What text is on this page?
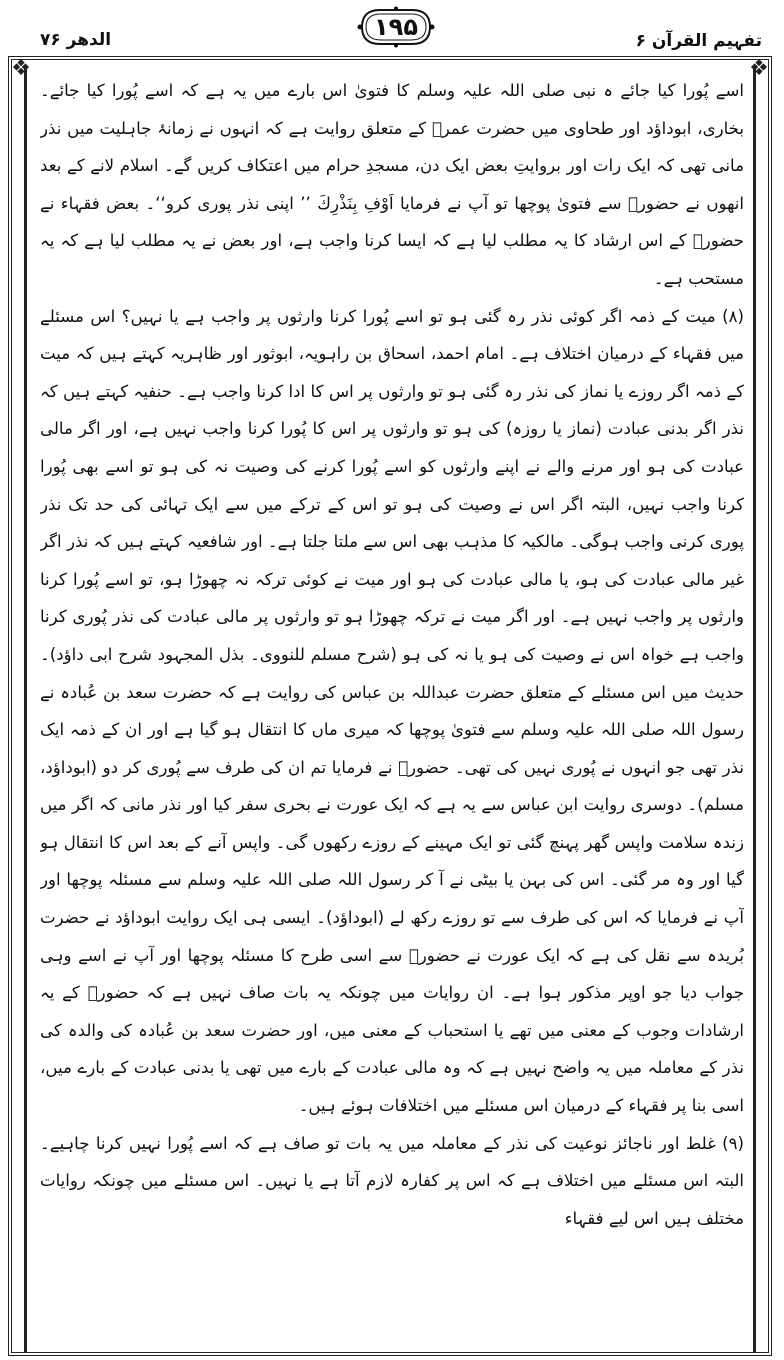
الدھر ۷۶	۱۹۵	تفہیم القرآن ۶
❖	❖

اسے پُورا کیا جائے ہ نبی صلی اللہ علیہ وسلم کا فتویٰ اس بارے میں یہ ہے کہ اسے پُورا کیا جائے۔ بخاری، ابوداؤد اور طحاوی میں حضرت عمرؓ کے متعلق روایت ہے کہ انہوں نے زمانۂ جاہلیت میں نذر مانی تھی کہ ایک رات اور بروایتِ بعض ایک دن، مسجدِ حرام میں اعتکاف کریں گے۔ اسلام لانے کے بعد انھوں نے حضورؐ سے فتویٰ پوچھا تو آپ نے فرمایا اَوْفِ بِنَذْرِكَ ’’ اپنی نذر پوری کرو‘‘۔ بعض فقہاء نے حضورؐ کے اس ارشاد کا یہ مطلب لیا ہے کہ ایسا کرنا واجب ہے، اور بعض نے یہ مطلب لیا ہے کہ یہ مستحب ہے۔

(۸) میت کے ذمہ اگر کوئی نذر رہ گئی ہو تو اسے پُورا کرنا وارثوں پر واجب ہے یا نہیں؟ اس مسئلے میں فقہاء کے درمیان اختلاف ہے۔ امام احمد، اسحاق بن راہویہ، ابوثور اور ظاہریہ کہتے ہیں کہ میت کے ذمہ اگر روزے یا نماز کی نذر رہ گئی ہو تو وارثوں پر اس کا ادا کرنا واجب ہے۔ حنفیہ کہتے ہیں کہ نذر اگر بدنی عبادت (نماز یا روزہ) کی ہو تو وارثوں پر اس کا پُورا کرنا واجب نہیں ہے، اور اگر مالی عبادت کی ہو اور مرنے والے نے اپنے وارثوں کو اسے پُورا کرنے کی وصیت نہ کی ہو تو اسے بھی پُورا کرنا واجب نہیں، البتہ اگر اس نے وصیت کی ہو تو اس کے ترکے میں سے ایک تہائی کی حد تک نذر پوری کرنی واجب ہوگی۔ مالکیہ کا مذہب بھی اس سے ملتا جلتا ہے۔ اور شافعیہ کہتے ہیں کہ نذر اگر غیر مالی عبادت کی ہو، یا مالی عبادت کی ہو اور میت نے کوئی ترکہ نہ چھوڑا ہو، تو اسے پُورا کرنا وارثوں پر واجب نہیں ہے۔ اور اگر میت نے ترکہ چھوڑا ہو تو وارثوں پر مالی عبادت کی نذر پُوری کرنا واجب ہے خواہ اس نے وصیت کی ہو یا نہ کی ہو (شرح مسلم للنووی۔ بذل المجہود شرح ابی داؤد)۔ حدیث میں اس مسئلے کے متعلق حضرت عبداللہ بن عباس کی روایت ہے کہ حضرت سعد بن عُبادہ نے رسول اللہ صلی اللہ علیہ وسلم سے فتویٰ پوچھا کہ میری ماں کا انتقال ہو گیا ہے اور ان کے ذمہ ایک نذر تھی جو انہوں نے پُوری نہیں کی تھی۔ حضورؐ نے فرمایا تم ان کی طرف سے پُوری کر دو (ابوداؤد، مسلم)۔ دوسری روایت ابن عباس سے یہ ہے کہ ایک عورت نے بحری سفر کیا اور نذر مانی کہ اگر میں زندہ سلامت واپس گھر پہنچ گئی تو ایک مہینے کے روزے رکھوں گی۔ واپس آنے کے بعد اس کا انتقال ہو گیا اور وہ مر گئی۔ اس کی بہن یا بیٹی نے آ کر رسول اللہ صلی اللہ علیہ وسلم سے مسئلہ پوچھا اور آپ نے فرمایا کہ اس کی طرف سے تو روزے رکھ لے (ابوداؤد)۔ ایسی ہی ایک روایت ابوداؤد نے حضرت بُریدہ سے نقل کی ہے کہ ایک عورت نے حضورؐ سے اسی طرح کا مسئلہ پوچھا اور آپ نے اسے وہی جواب دیا جو اوپر مذکور ہوا ہے۔ ان روایات میں چونکہ یہ بات صاف نہیں ہے کہ حضورؐ کے یہ ارشادات وجوب کے معنی میں تھے یا استحباب کے معنی میں، اور حضرت سعد بن عُبادہ کی والدہ کی نذر کے معاملہ میں یہ واضح نہیں ہے کہ وہ مالی عبادت کے بارے میں تھی یا بدنی عبادت کے بارے میں، اسی بنا پر فقہاء کے درمیان اس مسئلے میں اختلافات ہوئے ہیں۔

(۹) غلط اور ناجائز نوعیت کی نذر کے معاملہ میں یہ بات تو صاف ہے کہ اسے پُورا نہیں کرنا چاہیے۔ البتہ اس مسئلے میں اختلاف ہے کہ اس پر کفارہ لازم آتا ہے یا نہیں۔ اس مسئلے میں چونکہ روایات مختلف ہیں اس لیے فقہاء
